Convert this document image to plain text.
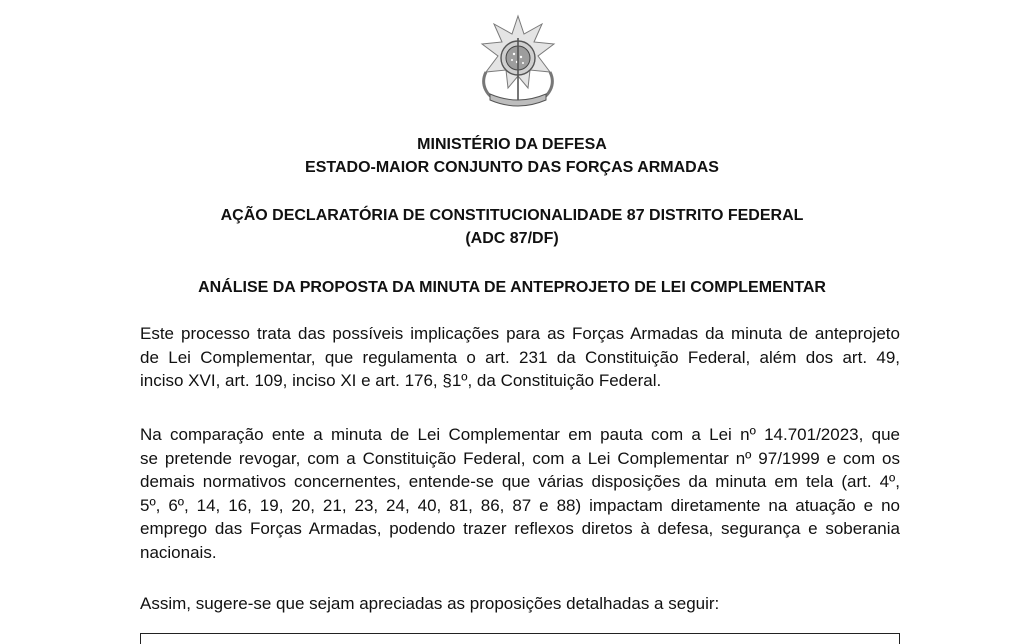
MINISTÉRIO DA DEFESA
ESTADO-MAIOR CONJUNTO DAS FORÇAS ARMADAS
AÇÃO DECLARATÓRIA DE CONSTITUCIONALIDADE 87 DISTRITO FEDERAL
(ADC 87/DF)
ANÁLISE DA PROPOSTA DA MINUTA DE ANTEPROJETO DE LEI COMPLEMENTAR
Este processo trata das possíveis implicações para as Forças Armadas da minuta de anteprojeto
de Lei Complementar, que regulamenta o art. 231 da Constituição Federal, além dos art. 49,
inciso XVI, art. 109, inciso XI e art. 176, §1º, da Constituição Federal.
Na comparação ente a minuta de Lei Complementar em pauta com a Lei nº 14.701/2023, que
se pretende revogar, com a Constituição Federal, com a Lei Complementar nº 97/1999 e com os
demais normativos concernentes, entende-se que várias disposições da minuta em tela (art. 4º,
5º, 6º, 14, 16, 19, 20, 21, 23, 24, 40, 81, 86, 87 e 88) impactam diretamente na atuação e no
emprego das Forças Armadas, podendo trazer reflexos diretos à defesa, segurança e soberania
nacionais.
Assim, sugere-se que sejam apreciadas as proposições detalhadas a seguir:
